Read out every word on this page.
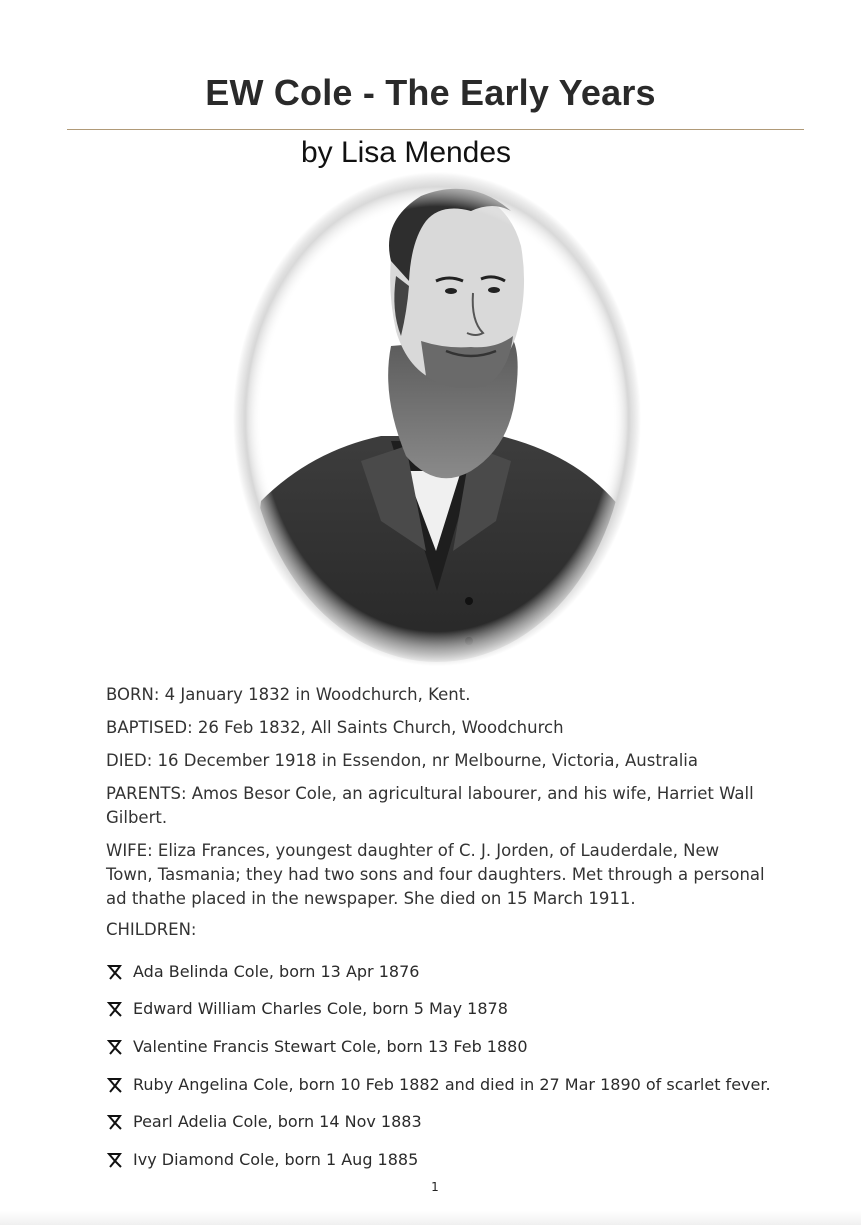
EW Cole - The Early Years
by Lisa Mendes

BORN: 4 January 1832 in Woodchurch, Kent.

BAPTISED: 26 Feb 1832, All Saints Church, Woodchurch

DIED: 16 December 1918 in Essendon, nr Melbourne, Victoria, Australia

PARENTS: Amos Besor Cole, an agricultural labourer, and his wife, Harriet Wall Gilbert.

WIFE: Eliza Frances, youngest daughter of C. J. Jorden, of Lauderdale, New Town, Tasmania; they had two sons and four daughters. Met through a personal ad thathe placed in the newspaper. She died on 15 March 1911.

CHILDREN:

Ada Belinda Cole, born 13 Apr 1876
Edward William Charles Cole, born 5 May 1878
Valentine Francis Stewart Cole, born 13 Feb 1880
Ruby Angelina Cole, born 10 Feb 1882 and died in 27 Mar 1890 of scarlet fever.
Pearl Adelia Cole, born 14 Nov 1883
Ivy Diamond Cole, born 1 Aug 1885
1
